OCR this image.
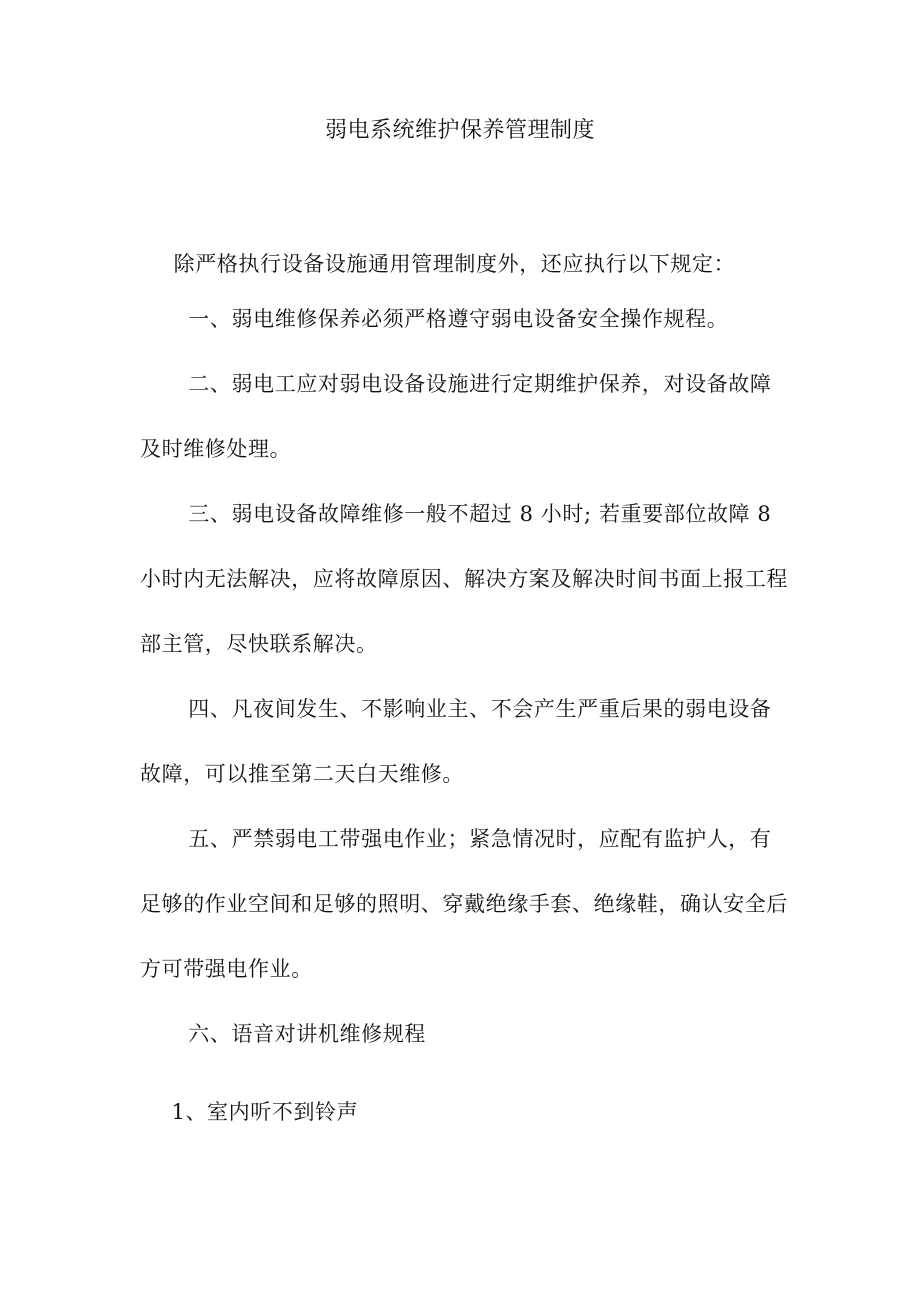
弱电系统维护保养管理制度

除严格执行设备设施通用管理制度外，还应执行以下规定：

一、弱电维修保养必须严格遵守弱电设备安全操作规程。

二、弱电工应对弱电设备设施进行定期维护保养，对设备故障及时维修处理。

三、弱电设备故障维修一般不超过 8 小时; 若重要部位故障 8 小时内无法解决，应将故障原因、解决方案及解决时间书面上报工程部主管，尽快联系解决。

四、凡夜间发生、不影响业主、不会产生严重后果的弱电设备故障，可以推至第二天白天维修。

五、严禁弱电工带强电作业；紧急情况时，应配有监护人，有足够的作业空间和足够的照明、穿戴绝缘手套、绝缘鞋，确认安全后方可带强电作业。

六、语音对讲机维修规程

1、室内听不到铃声
